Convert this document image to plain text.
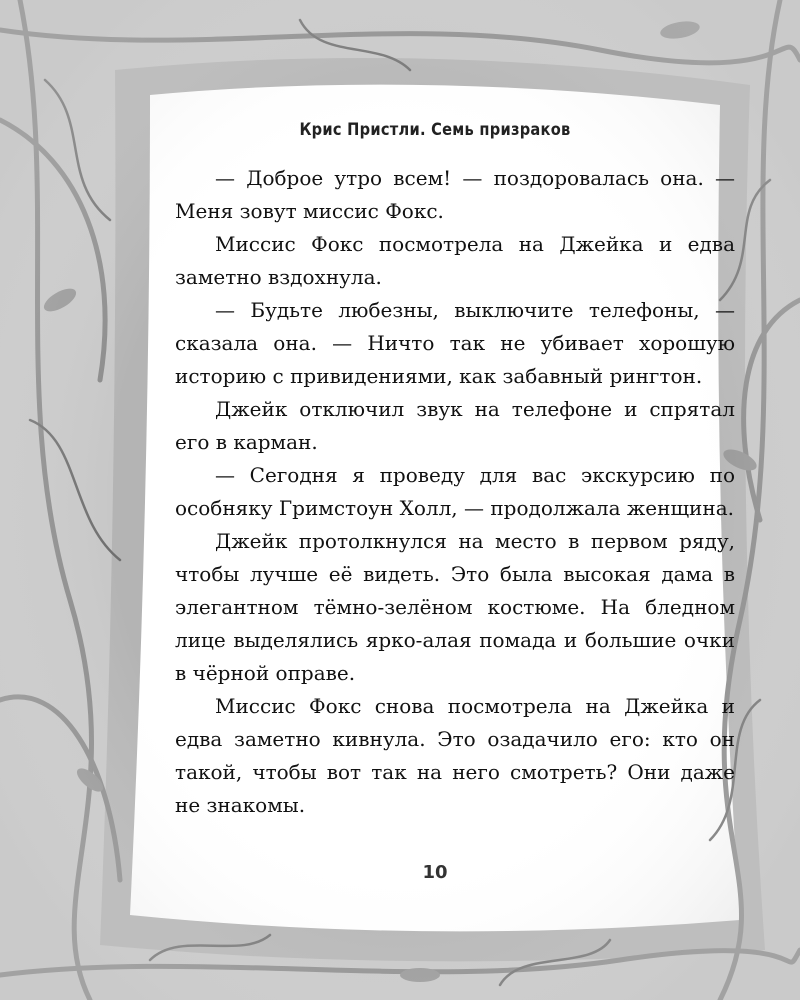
Крис Пристли. Семь призраков

— Доброе утро всем! — поздоровалась она. — Меня зовут миссис Фокс.

Миссис Фокс посмотрела на Джейка и едва заметно вздохнула.

— Будьте любезны, выключите телефоны, — сказала она. — Ничто так не убивает хорошую историю с привидениями, как забавный рингтон.

Джейк отключил звук на телефоне и спрятал его в карман.

— Сегодня я проведу для вас экскурсию по особняку Гримстоун Холл, — продолжала женщина.

Джейк протолкнулся на место в первом ряду, чтобы лучше её видеть. Это была высокая дама в элегантном тёмно-зелёном костюме. На бледном лице выделялись ярко-алая помада и большие очки в чёрной оправе.

Миссис Фокс снова посмотрела на Джейка и едва заметно кивнула. Это озадачило его: кто он такой, чтобы вот так на него смотреть? Они даже не знакомы.

10
